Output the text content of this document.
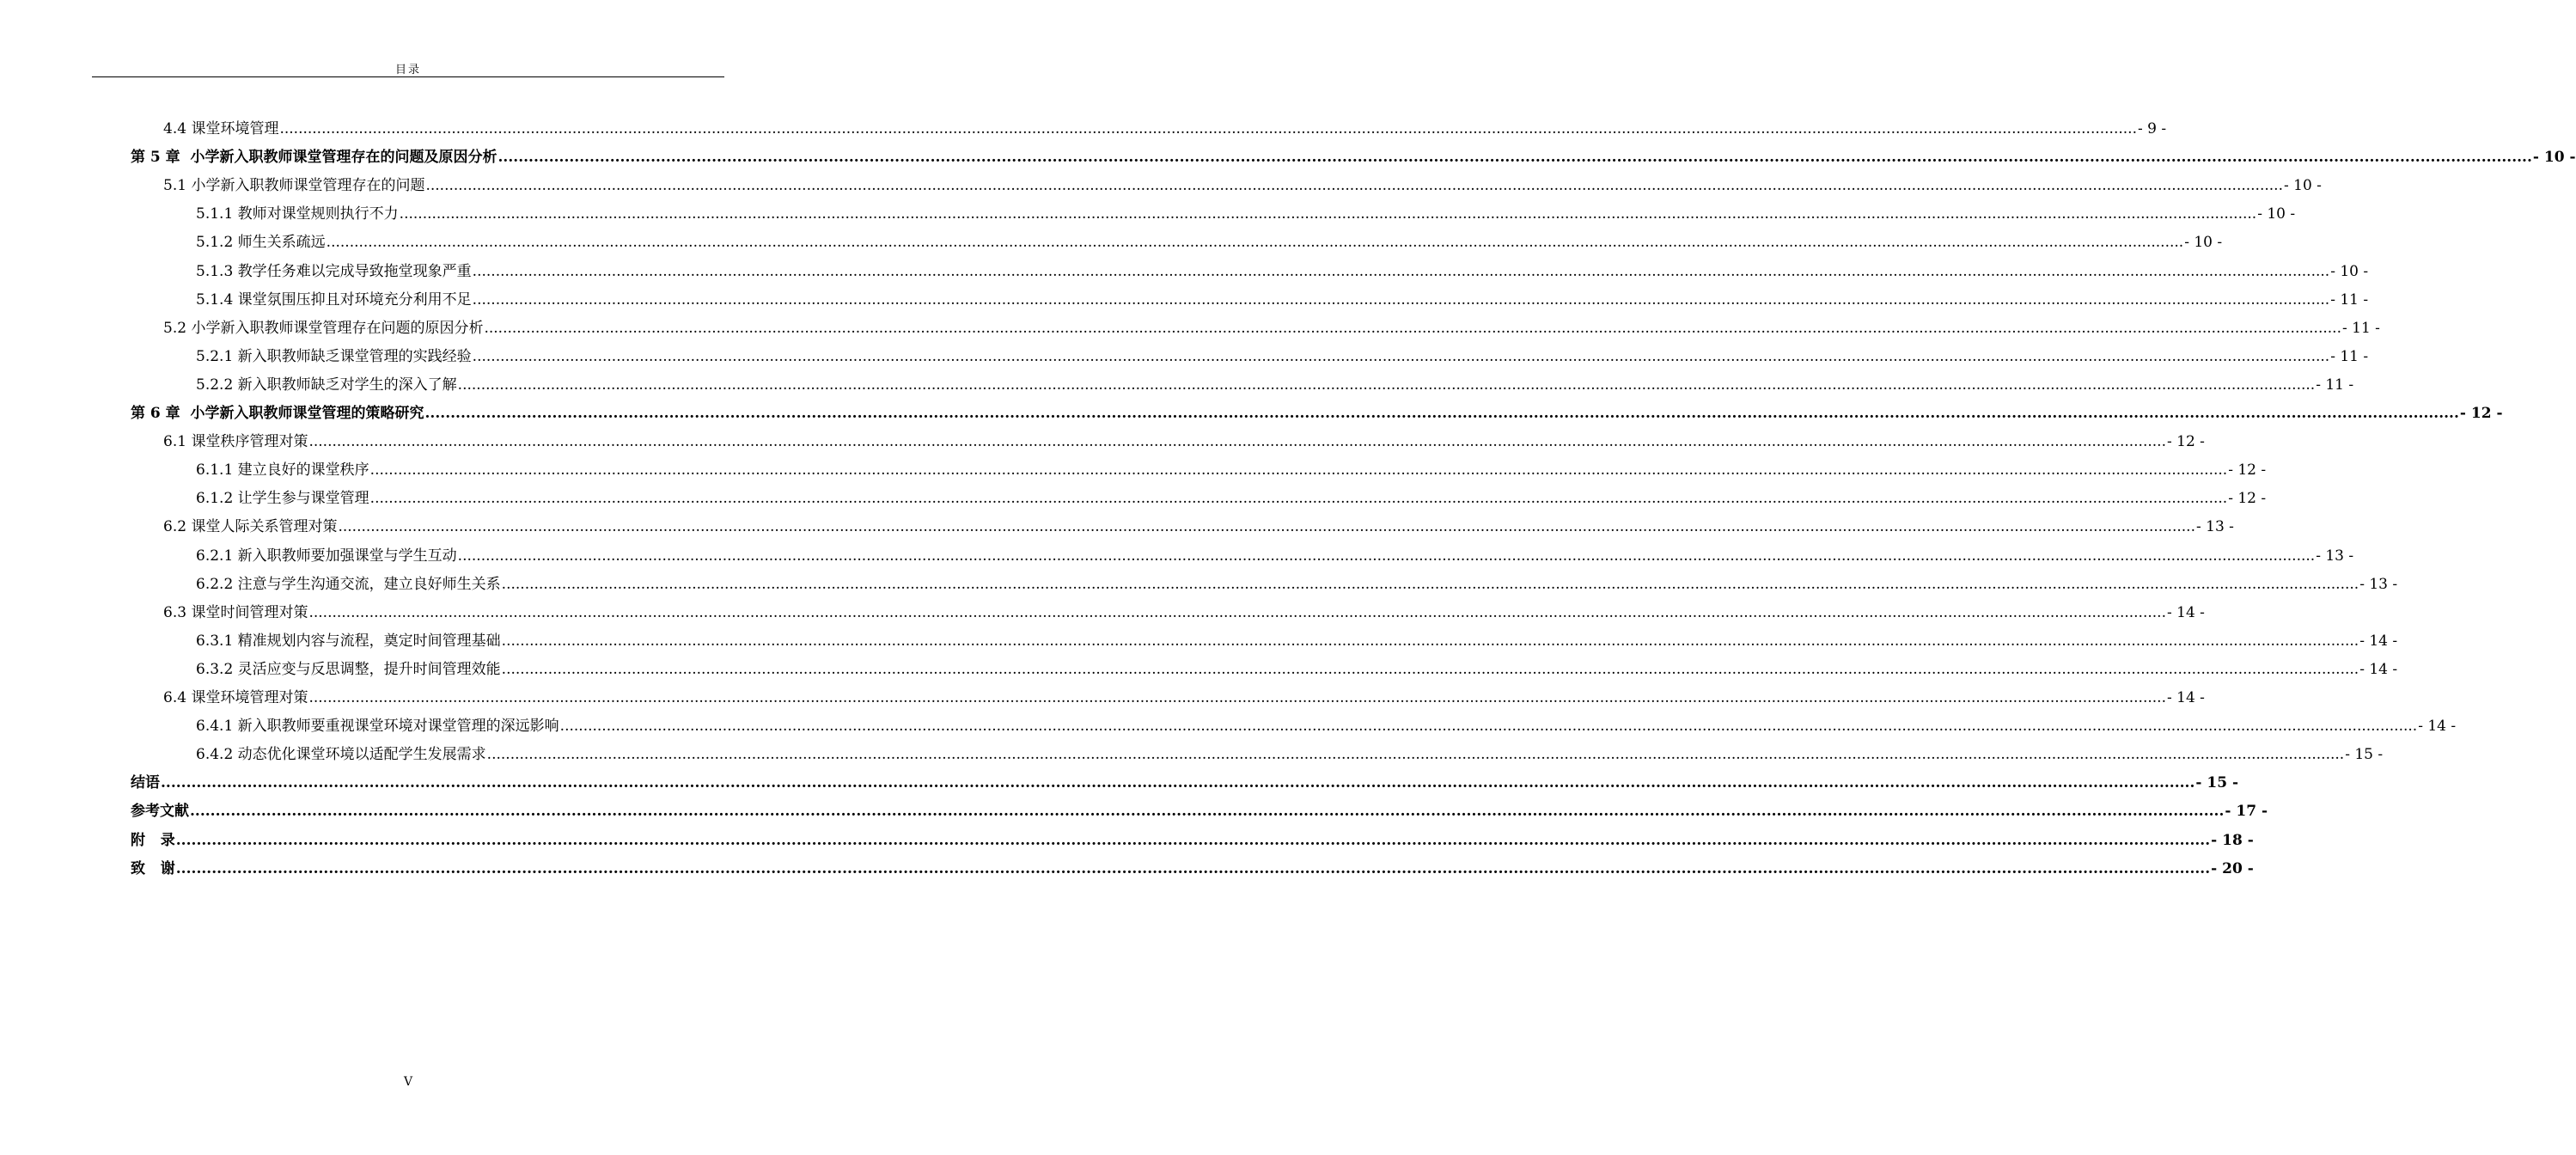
目录
4.4 课堂环境管理 ................................................................................................................................................................................................................................................................................................................................................................................................................ - 9 -
第 5 章  小学新入职教师课堂管理存在的问题及原因分析 ................................................................................................................................................................................................................................................................................................................................................................................................................ - 10 -
5.1 小学新入职教师课堂管理存在的问题 ................................................................................................................................................................................................................................................................................................................................................................................................................ - 10 -
5.1.1 教师对课堂规则执行不力 ................................................................................................................................................................................................................................................................................................................................................................................................................ - 10 -
5.1.2 师生关系疏远 ................................................................................................................................................................................................................................................................................................................................................................................................................ - 10 -
5.1.3 教学任务难以完成导致拖堂现象严重 ................................................................................................................................................................................................................................................................................................................................................................................................................ - 10 -
5.1.4 课堂氛围压抑且对环境充分利用不足 ................................................................................................................................................................................................................................................................................................................................................................................................................ - 11 -
5.2 小学新入职教师课堂管理存在问题的原因分析 ................................................................................................................................................................................................................................................................................................................................................................................................................ - 11 -
5.2.1 新入职教师缺乏课堂管理的实践经验 ................................................................................................................................................................................................................................................................................................................................................................................................................ - 11 -
5.2.2 新入职教师缺乏对学生的深入了解 ................................................................................................................................................................................................................................................................................................................................................................................................................ - 11 -
第 6 章  小学新入职教师课堂管理的策略研究 ................................................................................................................................................................................................................................................................................................................................................................................................................ - 12 -
6.1 课堂秩序管理对策 ................................................................................................................................................................................................................................................................................................................................................................................................................ - 12 -
6.1.1 建立良好的课堂秩序 ................................................................................................................................................................................................................................................................................................................................................................................................................ - 12 -
6.1.2 让学生参与课堂管理 ................................................................................................................................................................................................................................................................................................................................................................................................................ - 12 -
6.2 课堂人际关系管理对策 ................................................................................................................................................................................................................................................................................................................................................................................................................ - 13 -
6.2.1 新入职教师要加强课堂与学生互动 ................................................................................................................................................................................................................................................................................................................................................................................................................ - 13 -
6.2.2 注意与学生沟通交流，建立良好师生关系 ................................................................................................................................................................................................................................................................................................................................................................................................................ - 13 -
6.3 课堂时间管理对策 ................................................................................................................................................................................................................................................................................................................................................................................................................ - 14 -
6.3.1 精准规划内容与流程，奠定时间管理基础 ................................................................................................................................................................................................................................................................................................................................................................................................................ - 14 -
6.3.2 灵活应变与反思调整，提升时间管理效能 ................................................................................................................................................................................................................................................................................................................................................................................................................ - 14 -
6.4 课堂环境管理对策 ................................................................................................................................................................................................................................................................................................................................................................................................................ - 14 -
6.4.1 新入职教师要重视课堂环境对课堂管理的深远影响 ................................................................................................................................................................................................................................................................................................................................................................................................................ - 14 -
6.4.2 动态优化课堂环境以适配学生发展需求 ................................................................................................................................................................................................................................................................................................................................................................................................................ - 15 -
结语 ................................................................................................................................................................................................................................................................................................................................................................................................................ - 15 -
参考文献 ................................................................................................................................................................................................................................................................................................................................................................................................................ - 17 -
附   录 ................................................................................................................................................................................................................................................................................................................................................................................................................ - 18 -
致   谢 ................................................................................................................................................................................................................................................................................................................................................................................................................ - 20 -
V
